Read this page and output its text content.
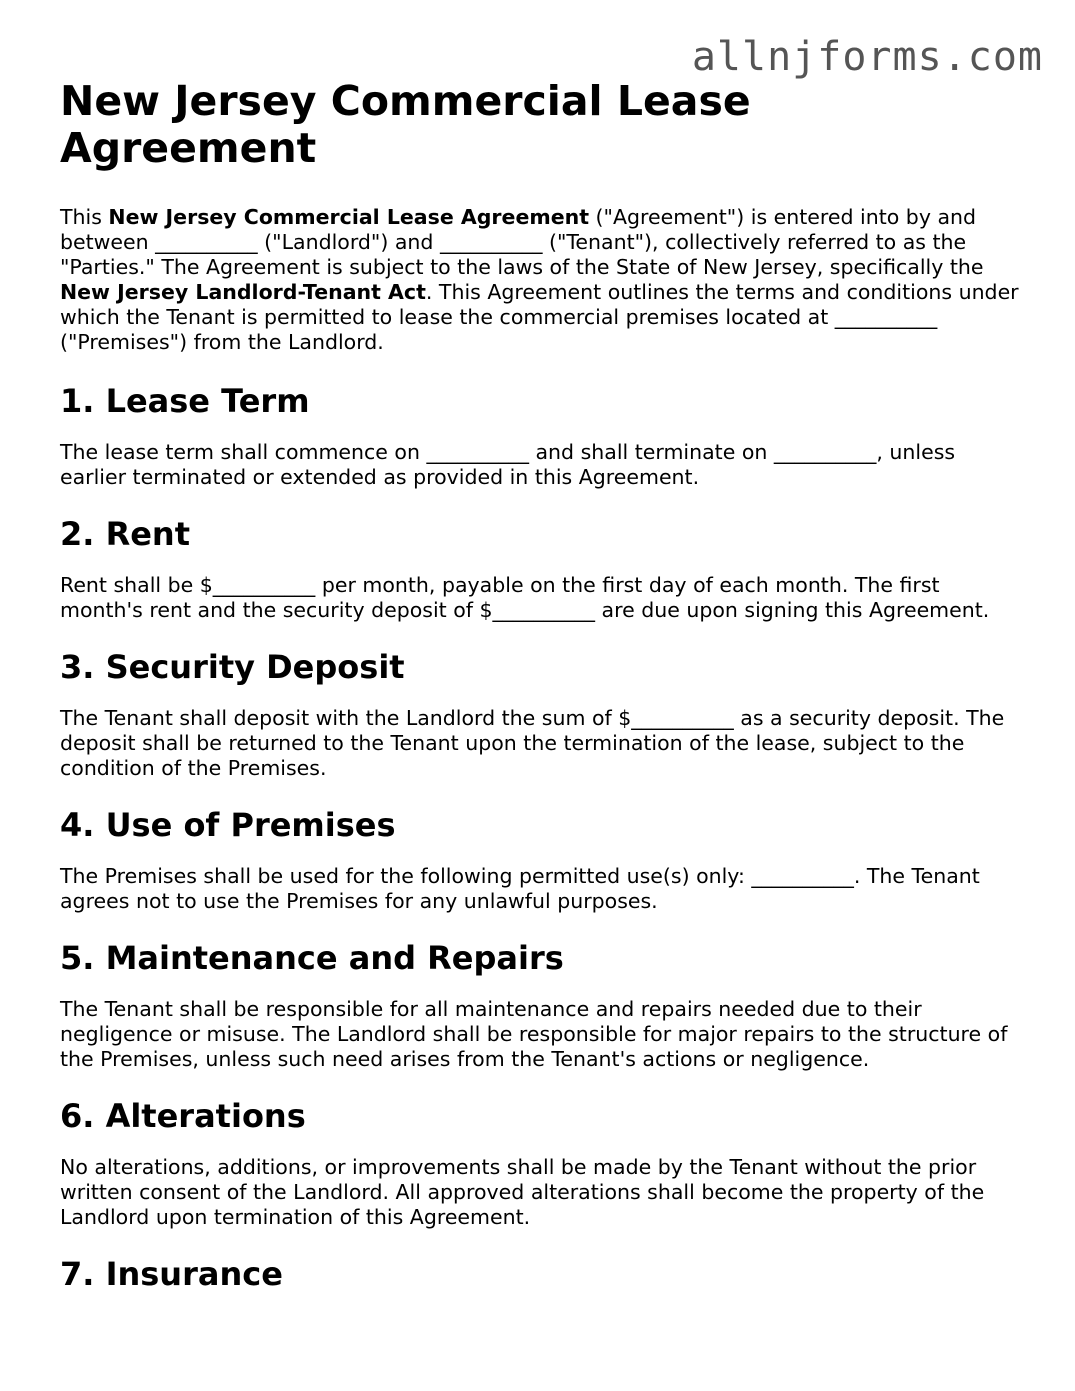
allnjforms.com
New Jersey Commercial Lease Agreement

This New Jersey Commercial Lease Agreement ("Agreement") is entered into by and between __________ ("Landlord") and __________ ("Tenant"), collectively referred to as the "Parties." The Agreement is subject to the laws of the State of New Jersey, specifically the New Jersey Landlord-Tenant Act. This Agreement outlines the terms and conditions under which the Tenant is permitted to lease the commercial premises located at __________ ("Premises") from the Landlord.

1. Lease Term

The lease term shall commence on __________ and shall terminate on __________, unless earlier terminated or extended as provided in this Agreement.

2. Rent

Rent shall be $__________ per month, payable on the first day of each month. The first month's rent and the security deposit of $__________ are due upon signing this Agreement.

3. Security Deposit

The Tenant shall deposit with the Landlord the sum of $__________ as a security deposit. The deposit shall be returned to the Tenant upon the termination of the lease, subject to the condition of the Premises.

4. Use of Premises

The Premises shall be used for the following permitted use(s) only: __________. The Tenant agrees not to use the Premises for any unlawful purposes.

5. Maintenance and Repairs

The Tenant shall be responsible for all maintenance and repairs needed due to their negligence or misuse. The Landlord shall be responsible for major repairs to the structure of the Premises, unless such need arises from the Tenant's actions or negligence.

6. Alterations

No alterations, additions, or improvements shall be made by the Tenant without the prior written consent of the Landlord. All approved alterations shall become the property of the Landlord upon termination of this Agreement.

7. Insurance
